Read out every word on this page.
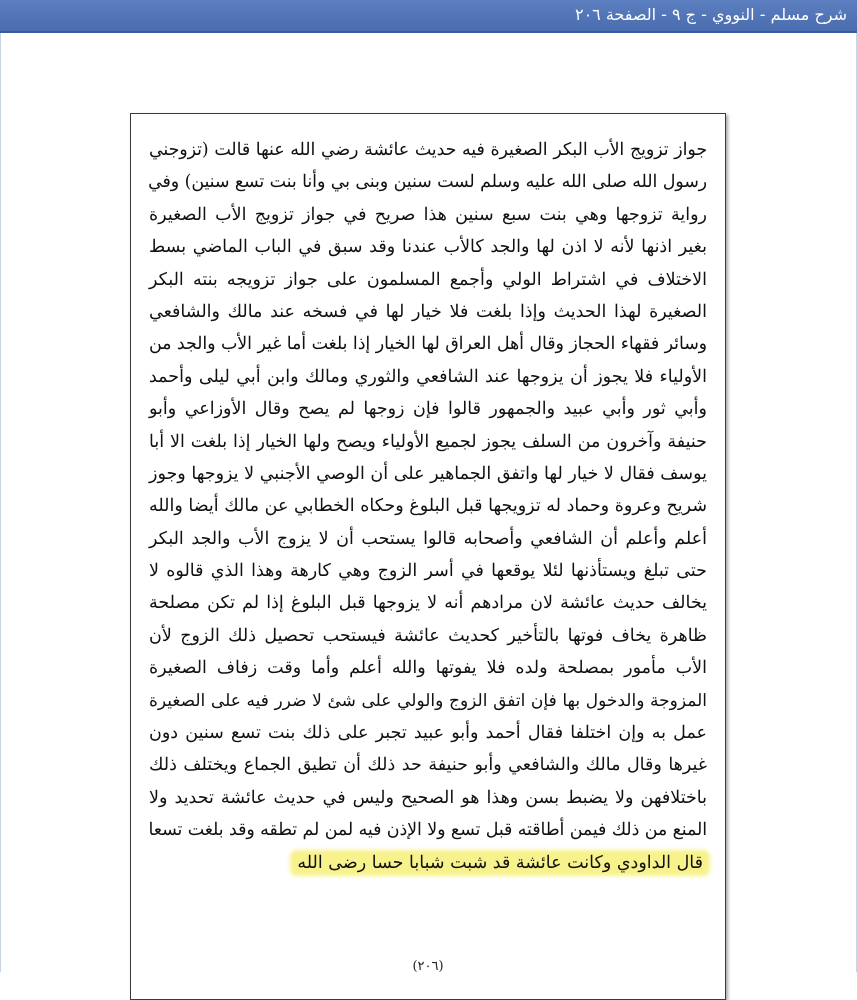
شرح مسلم - النووي - ج ٩ - الصفحة ٢٠٦
جواز تزويج الأب البكر الصغيرة فيه حديث عائشة رضي الله عنها قالت (تزوجني
رسول الله صلى الله عليه وسلم لست سنين وبنى بي وأنا بنت تسع سنين) وفي
رواية تزوجها وهي بنت سبع سنين هذا صريح في جواز تزويج الأب الصغيرة
بغير اذنها لأنه لا اذن لها والجد كالأب عندنا وقد سبق في الباب الماضي بسط
الاختلاف في اشتراط الولي وأجمع المسلمون على جواز تزويجه بنته البكر
الصغيرة لهذا الحديث وإذا بلغت فلا خيار لها في فسخه عند مالك والشافعي
وسائر فقهاء الحجاز وقال أهل العراق لها الخيار إذا بلغت أما غير الأب والجد من
الأولياء فلا يجوز أن يزوجها عند الشافعي والثوري ومالك وابن أبي ليلى وأحمد
وأبي ثور وأبي عبيد والجمهور قالوا فإن زوجها لم يصح وقال الأوزاعي وأبو
حنيفة وآخرون من السلف يجوز لجميع الأولياء ويصح ولها الخيار إذا بلغت الا أبا
يوسف فقال لا خيار لها واتفق الجماهير على أن الوصي الأجنبي لا يزوجها وجوز
شريح وعروة وحماد له تزويجها قبل البلوغ وحكاه الخطابي عن مالك أيضا والله
أعلم وأعلم أن الشافعي وأصحابه قالوا يستحب أن لا يزوج الأب والجد البكر
حتى تبلغ ويستأذنها لئلا يوقعها في أسر الزوج وهي كارهة وهذا الذي قالوه لا
يخالف حديث عائشة لان مرادهم أنه لا يزوجها قبل البلوغ إذا لم تكن مصلحة
ظاهرة يخاف فوتها بالتأخير كحديث عائشة فيستحب تحصيل ذلك الزوج لأن
الأب مأمور بمصلحة ولده فلا يفوتها والله أعلم وأما وقت زفاف الصغيرة
المزوجة والدخول بها فإن اتفق الزوج والولي على شئ لا ضرر فيه على الصغيرة
عمل به وإن اختلفا فقال أحمد وأبو عبيد تجبر على ذلك بنت تسع سنين دون
غيرها وقال مالك والشافعي وأبو حنيفة حد ذلك أن تطيق الجماع ويختلف ذلك
باختلافهن ولا يضبط بسن وهذا هو الصحيح وليس في حديث عائشة تحديد ولا
المنع من ذلك فيمن أطاقته قبل تسع ولا الإذن فيه لمن لم تطقه وقد بلغت تسعا
قال الداودي وكانت عائشة قد شبت شبابا حسا رضى الله
(٢٠٦)
